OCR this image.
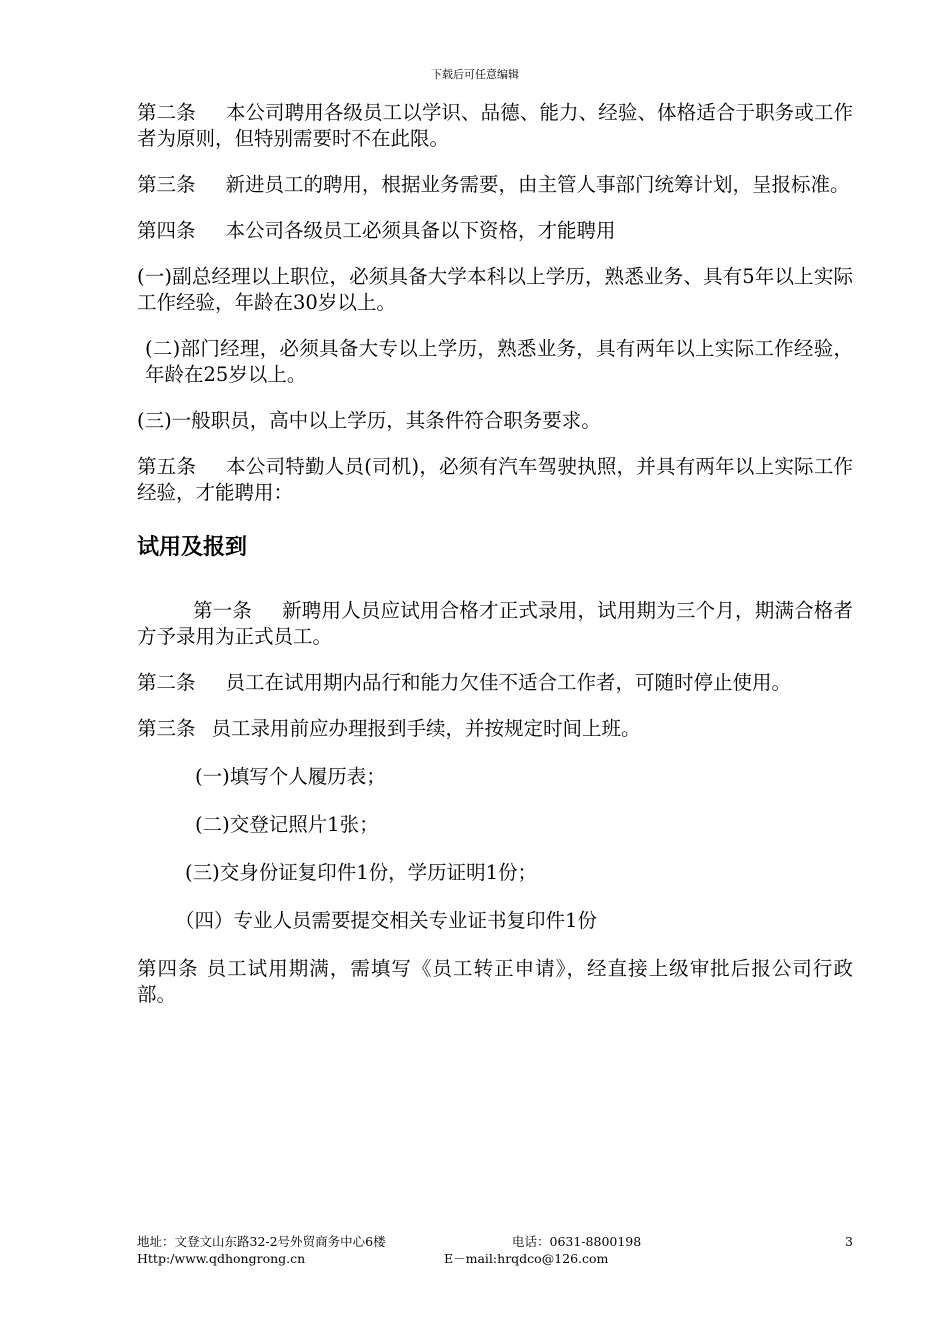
下载后可任意编辑

第二条 本公司聘用各级员工以学识、品德、能力、经验、体格适合于职务或工作者为原则，但特别需要时不在此限。

第三条 新进员工的聘用，根据业务需要，由主管人事部门统筹计划，呈报标准。

第四条 本公司各级员工必须具备以下资格，才能聘用

(一)副总经理以上职位，必须具备大学本科以上学历，熟悉业务、具有5年以上实际工作经验，年龄在30岁以上。

(二)部门经理，必须具备大专以上学历，熟悉业务，具有两年以上实际工作经验，年龄在25岁以上。

(三)一般职员，高中以上学历，其条件符合职务要求。

第五条 本公司特勤人员(司机)，必须有汽车驾驶执照，并具有两年以上实际工作经验，才能聘用：

试用及报到

第一条 新聘用人员应试用合格才正式录用，试用期为三个月，期满合格者方予录用为正式员工。

第二条 员工在试用期内品行和能力欠佳不适合工作者，可随时停止使用。

第三条 员工录用前应办理报到手续，并按规定时间上班。

(一)填写个人履历表；

(二)交登记照片1张；

(三)交身份证复印件1份，学历证明1份；

（四）专业人员需要提交相关专业证书复印件1份

第四条 员工试用期满，需填写《员工转正申请》，经直接上级审批后报公司行政部。

地址：文登文山东路32-2号外贸商务中心6楼	电话：0631-8800198	3
Http:/www.qdhongrong.cn	E－mail:hrqdco@126.com
